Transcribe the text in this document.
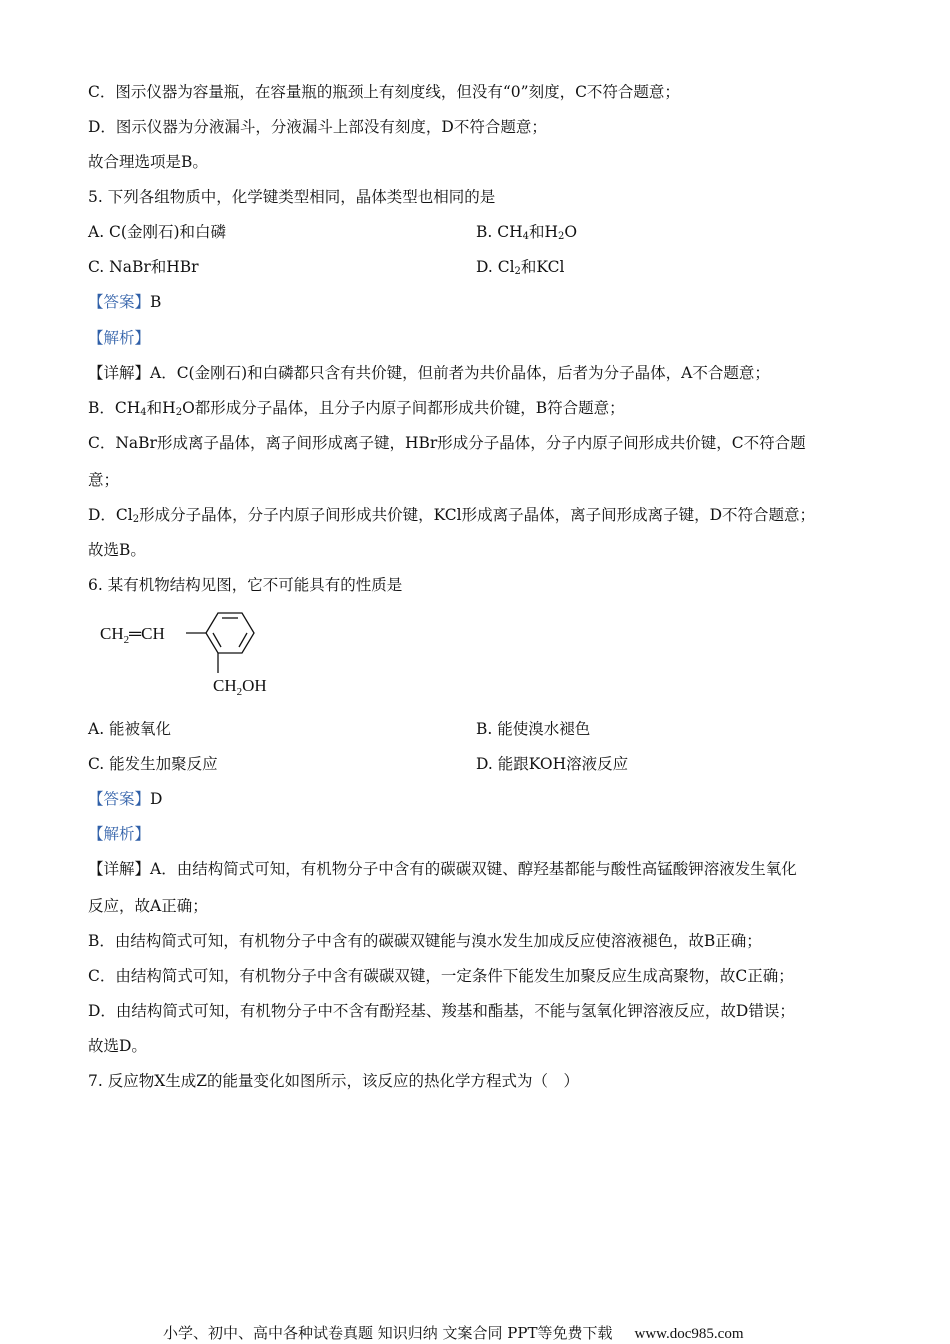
C．图示仪器为容量瓶，在容量瓶的瓶颈上有刻度线，但没有“0”刻度，C不符合题意；
D．图示仪器为分液漏斗，分液漏斗上部没有刻度，D不符合题意；
故合理选项是B。
5. 下列各组物质中，化学键类型相同，晶体类型也相同的是
A. C(金刚石)和白磷	B. $CH_4$和$H_2O$
C. NaBr和HBr	D. $Cl_2$和KCl
【答案】B
【解析】
【详解】A．C(金刚石)和白磷都只含有共价键，但前者为共价晶体，后者为分子晶体，A不合题意；
B．$CH_4$和$H_2O$都形成分子晶体，且分子内原子间都形成共价键，B符合题意；
C．NaBr形成离子晶体，离子间形成离子键，HBr形成分子晶体，分子内原子间形成共价键，C不符合题
意；
D．$Cl_2$形成分子晶体，分子内原子间形成共价键，KCl形成离子晶体，离子间形成离子键，D不符合题意；
故选B。
6. 某有机物结构见图，它不可能具有的性质是
$CH_2═CH$
$CH_2OH$
A. 能被氧化	B. 能使溴水褪色
C. 能发生加聚反应	D. 能跟KOH溶液反应
【答案】D
【解析】
【详解】A．由结构简式可知，有机物分子中含有的碳碳双键、醇羟基都能与酸性高锰酸钾溶液发生氧化
反应，故A正确；
B．由结构简式可知，有机物分子中含有的碳碳双键能与溴水发生加成反应使溶液褪色，故B正确；
C．由结构简式可知，有机物分子中含有碳碳双键，一定条件下能发生加聚反应生成高聚物，故C正确；
D．由结构简式可知，有机物分子中不含有酚羟基、羧基和酯基，不能与氢氧化钾溶液反应，故D错误；
故选D。
7. 反应物X生成Z的能量变化如图所示，该反应的热化学方程式为（　）
小学、初中、高中各种试卷真题 知识归纳 文案合同 PPT等免费下载 www.doc985.com
